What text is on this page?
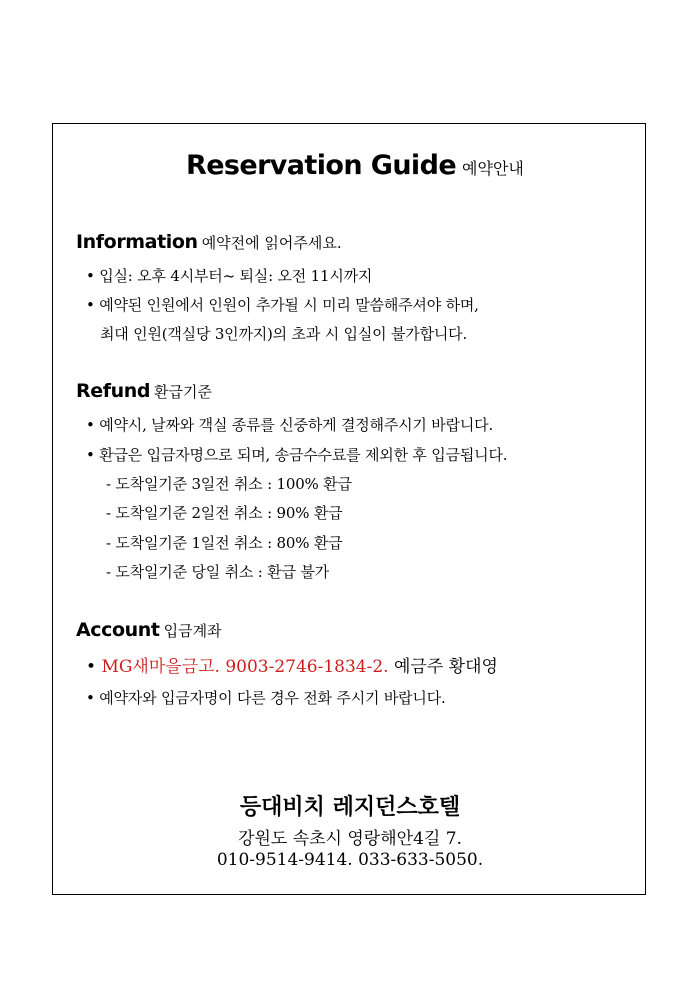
Reservation Guide 예약안내
Information 예약전에 읽어주세요.
• 입실: 오후 4시부터~ 퇴실: 오전 11시까지
• 예약된 인원에서 인원이 추가될 시 미리 말씀해주셔야 하며,
최대 인원(객실당 3인까지)의 초과 시 입실이 불가합니다.
Refund 환급기준
• 예약시, 날짜와 객실 종류를 신중하게 결정해주시기 바랍니다.
• 환급은 입금자명으로 되며, 송금수수료를 제외한 후 입금됩니다.
- 도착일기준 3일전 취소 : 100% 환급
- 도착일기준 2일전 취소 : 90% 환급
- 도착일기준 1일전 취소 : 80% 환급
- 도착일기준 당일 취소 : 환급 불가
Account 입금계좌
• MG새마을금고. 9003-2746-1834-2. 예금주 황대영
• 예약자와 입금자명이 다른 경우 전화 주시기 바랍니다.
등대비치 레지던스호텔
강원도 속초시 영랑해안4길 7.
010-9514-9414. 033-633-5050.
